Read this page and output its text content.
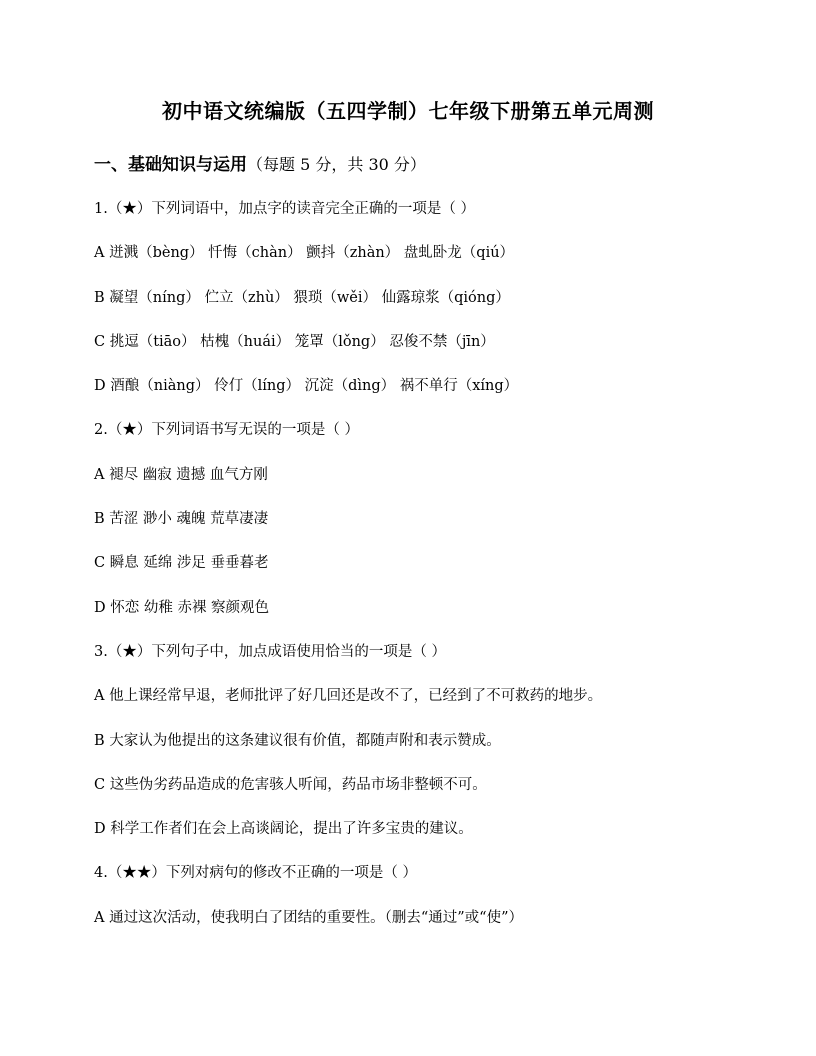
初中语文统编版（五四学制）七年级下册第五单元周测
一、基础知识与运用（每题 5 分，共 30 分）
1.（★）下列词语中，加点字的读音完全正确的一项是（ ）
A 迸溅（bèng） 忏悔（chàn） 颤抖（zhàn） 盘虬卧龙（qiú）
B 凝望（níng） 伫立（zhù） 猥琐（wěi） 仙露琼浆（qióng）
C 挑逗（tiāo） 枯槐（huái） 笼罩（lǒng） 忍俊不禁（jīn）
D 酒酿（niàng） 伶仃（líng） 沉淀（dìng） 祸不单行（xíng）
2.（★）下列词语书写无误的一项是（ ）
A 褪尽 幽寂 遗撼 血气方刚
B 苦涩 渺小 魂魄 荒草凄凄
C 瞬息 延绵 涉足 垂垂暮老
D 怀恋 幼稚 赤裸 察颜观色
3.（★）下列句子中，加点成语使用恰当的一项是（ ）
A 他上课经常早退，老师批评了好几回还是改不了，已经到了不可救药的地步。
B 大家认为他提出的这条建议很有价值，都随声附和表示赞成。
C 这些伪劣药品造成的危害骇人听闻，药品市场非整顿不可。
D 科学工作者们在会上高谈阔论，提出了许多宝贵的建议。
4.（★★）下列对病句的修改不正确的一项是（ ）
A 通过这次活动，使我明白了团结的重要性。（删去“通过”或“使”）
